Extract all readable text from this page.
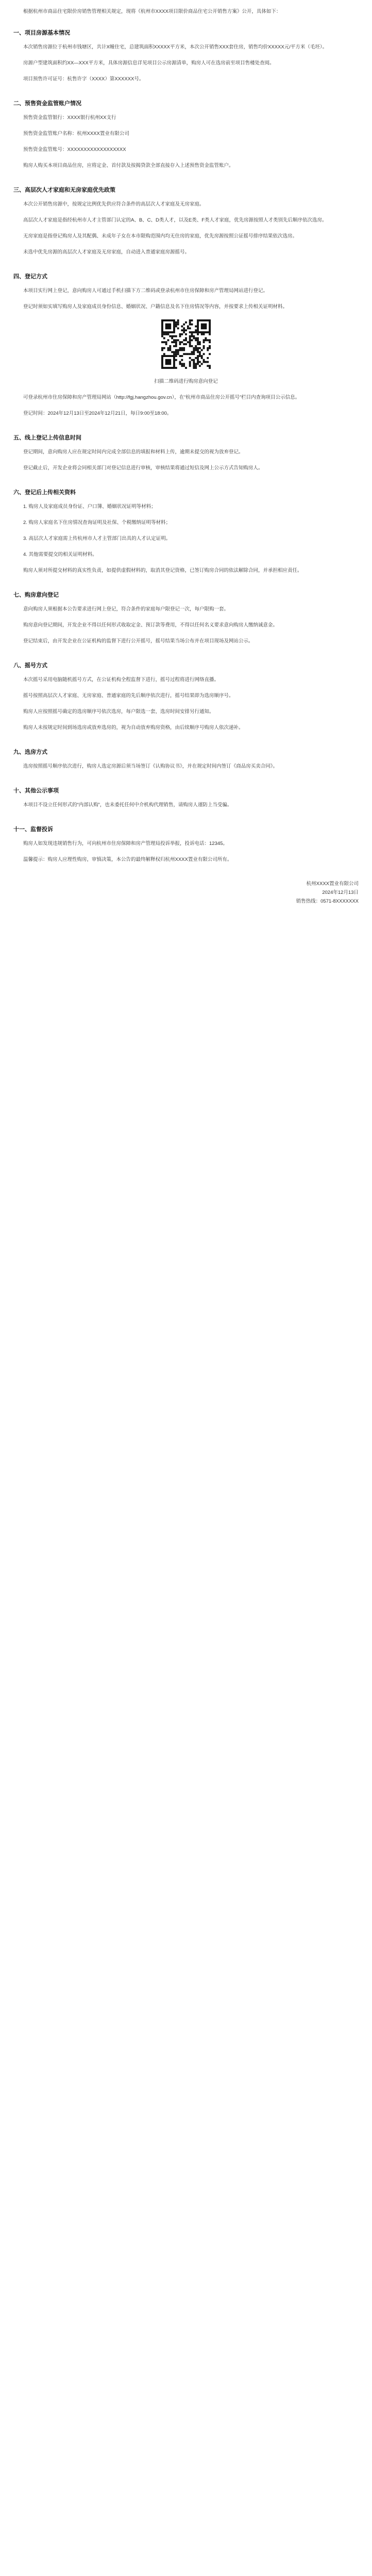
根据杭州市商品住宅限价房销售管理相关规定，现将《杭州市XXXX项目限价商品住宅公开销售方案》公开，具体如下：

一、项目房源基本情况

本次销售房源位于杭州市钱塘区，共计X幢住宅，总建筑面积XXXXX平方米，本次公开销售XXX套住房，销售均价XXXXX元/平方米（毛坯）。

房源户型建筑面积约XX—XXX平方米，具体房源信息详见项目公示房源清单，购房人可在选房前至项目售楼处查阅。

项目预售许可证号：杭售许字（XXXX）第XXXXXX号。

二、预售资金监管账户情况

预售资金监管银行：XXXX银行杭州XX支行

预售资金监管账户名称：杭州XXXX置业有限公司

预售资金监管账号：XXXXXXXXXXXXXXXXXX

购房人购买本项目商品住房，应将定金、首付款及按揭贷款全部直接存入上述预售资金监管账户。

三、高层次人才家庭和无房家庭优先政策

本次公开销售房源中，按规定比例优先供应符合条件的高层次人才家庭及无房家庭。

高层次人才家庭是指经杭州市人才主管部门认定的A、B、C、D类人才，以及E类、F类人才家庭，优先房源按照人才类别先后顺序依次选房。

无房家庭是指登记购房人及其配偶、未成年子女在本市限购范围内均无住房的家庭，优先房源按照公证摇号排序结果依次选房。

未选中优先房源的高层次人才家庭及无房家庭，自动进入普通家庭房源摇号。

四、登记方式

本项目实行网上登记，意向购房人可通过手机扫描下方二维码或登录杭州市住房保障和房产管理局网站进行登记。

登记时须如实填写购房人及家庭成员身份信息、婚姻状况、户籍信息及名下住房情况等内容，并按要求上传相关证明材料。

扫描二维码进行购房意向登记

可登录杭州市住房保障和房产管理局网站（http://fgj.hangzhou.gov.cn），在“杭州市商品住房公开摇号”栏目内查询项目公示信息。

登记时间：2024年12月13日至2024年12月21日，每日9:00至18:00。

五、线上登记上传信息时间

登记期间，意向购房人应在规定时间内完成全部信息的填报和材料上传，逾期未提交的视为放弃登记。

登记截止后，开发企业将会同相关部门对登记信息进行审核，审核结果将通过短信及网上公示方式告知购房人。

六、登记后上传相关资料

1. 购房人及家庭成员身份证、户口簿、婚姻状况证明等材料；

2. 购房人家庭名下住房情况查询证明及社保、个税缴纳证明等材料；

3. 高层次人才家庭需上传杭州市人才主管部门出具的人才认定证明。

4. 其他需要提交的相关证明材料。

购房人须对所提交材料的真实性负责，如提供虚假材料的，取消其登记资格，已签订购房合同的依法解除合同，并承担相应责任。

七、购房意向登记

意向购房人须根据本公告要求进行网上登记，符合条件的家庭每户限登记一次，每户限购一套。

购房意向登记期间，开发企业不得以任何形式收取定金、预订款等费用，不得以任何名义要求意向购房人缴纳诚意金。

登记结束后，由开发企业在公证机构的监督下进行公开摇号，摇号结果当场公布并在项目现场及网站公示。

八、摇号方式

本次摇号采用电脑随机摇号方式，在公证机构全程监督下进行，摇号过程将进行网络直播。

摇号按照高层次人才家庭、无房家庭、普通家庭的先后顺序依次进行，摇号结果即为选房顺序号。

购房人应按照摇号确定的选房顺序号依次选房，每户限选一套，选房时间安排另行通知。

购房人未按规定时间到场选房或放弃选房的，视为自动放弃购房资格，由后续顺序号购房人依次递补。

九、选房方式

选房按照摇号顺序依次进行，购房人选定房源后须当场签订《认购协议书》，并在规定时间内签订《商品房买卖合同》。

十、其他公示事项

本项目不设立任何形式的“内部认购”，也未委托任何中介机构代理销售，请购房人谨防上当受骗。

十一、监督投诉

购房人如发现违规销售行为，可向杭州市住房保障和房产管理局投诉举报，投诉电话：12345。

温馨提示：购房人应理性购房，审慎决策，本公告的最终解释权归杭州XXXX置业有限公司所有。

杭州XXXX置业有限公司
2024年12月13日
销售热线：0571-8XXXXXXX
